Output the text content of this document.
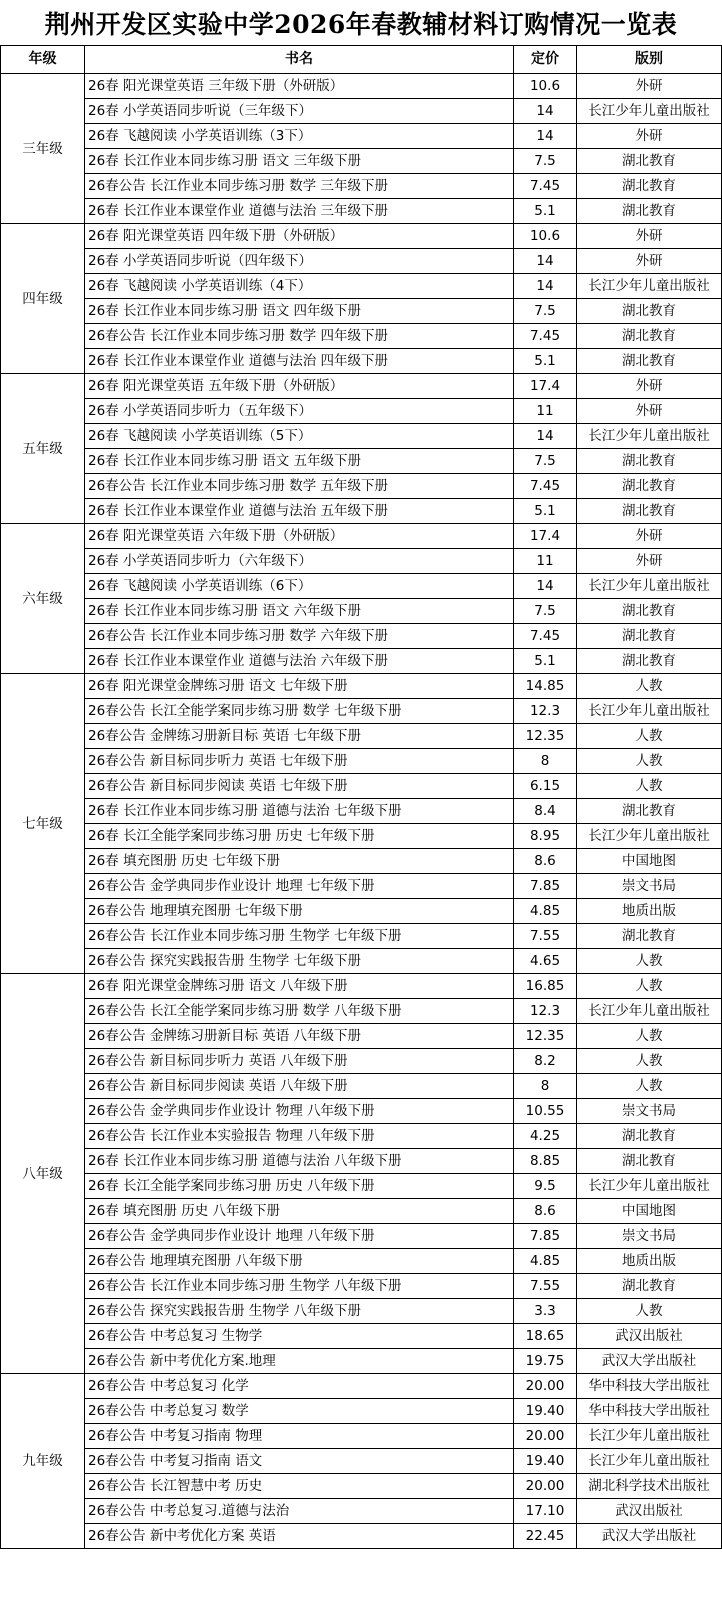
荆州开发区实验中学2026年春教辅材料订购情况一览表
年级	书名	定价	版别
三年级	26春 阳光课堂英语 三年级下册（外研版）	10.6	外研
	26春 小学英语同步听说（三年级下）	14	长江少年儿童出版社
	26春 飞越阅读 小学英语训练（3下）	14	外研
	26春 长江作业本同步练习册 语文 三年级下册	7.5	湖北教育
	26春公告 长江作业本同步练习册 数学 三年级下册	7.45	湖北教育
	26春 长江作业本课堂作业 道德与法治 三年级下册	5.1	湖北教育
四年级	26春 阳光课堂英语 四年级下册（外研版）	10.6	外研
	26春 小学英语同步听说（四年级下）	14	外研
	26春 飞越阅读 小学英语训练（4下）	14	长江少年儿童出版社
	26春 长江作业本同步练习册 语文 四年级下册	7.5	湖北教育
	26春公告 长江作业本同步练习册 数学 四年级下册	7.45	湖北教育
	26春 长江作业本课堂作业 道德与法治 四年级下册	5.1	湖北教育
五年级	26春 阳光课堂英语 五年级下册（外研版）	17.4	外研
	26春 小学英语同步听力（五年级下）	11	外研
	26春 飞越阅读 小学英语训练（5下）	14	长江少年儿童出版社
	26春 长江作业本同步练习册 语文 五年级下册	7.5	湖北教育
	26春公告 长江作业本同步练习册 数学 五年级下册	7.45	湖北教育
	26春 长江作业本课堂作业 道德与法治 五年级下册	5.1	湖北教育
六年级	26春 阳光课堂英语 六年级下册（外研版）	17.4	外研
	26春 小学英语同步听力（六年级下）	11	外研
	26春 飞越阅读 小学英语训练（6下）	14	长江少年儿童出版社
	26春 长江作业本同步练习册 语文 六年级下册	7.5	湖北教育
	26春公告 长江作业本同步练习册 数学 六年级下册	7.45	湖北教育
	26春 长江作业本课堂作业 道德与法治 六年级下册	5.1	湖北教育
七年级	26春 阳光课堂金牌练习册 语文 七年级下册	14.85	人教
	26春公告 长江全能学案同步练习册 数学 七年级下册	12.3	长江少年儿童出版社
	26春公告 金牌练习册新目标 英语 七年级下册	12.35	人教
	26春公告 新目标同步听力 英语 七年级下册	8	人教
	26春公告 新目标同步阅读 英语 七年级下册	6.15	人教
	26春 长江作业本同步练习册 道德与法治 七年级下册	8.4	湖北教育
	26春 长江全能学案同步练习册 历史 七年级下册	8.95	长江少年儿童出版社
	26春 填充图册 历史 七年级下册	8.6	中国地图
	26春公告 金学典同步作业设计 地理 七年级下册	7.85	崇文书局
	26春公告 地理填充图册 七年级下册	4.85	地质出版
	26春公告 长江作业本同步练习册 生物学 七年级下册	7.55	湖北教育
	26春公告 探究实践报告册 生物学 七年级下册	4.65	人教
八年级	26春 阳光课堂金牌练习册 语文 八年级下册	16.85	人教
	26春公告 长江全能学案同步练习册 数学 八年级下册	12.3	长江少年儿童出版社
	26春公告 金牌练习册新目标 英语 八年级下册	12.35	人教
	26春公告 新目标同步听力 英语 八年级下册	8.2	人教
	26春公告 新目标同步阅读 英语 八年级下册	8	人教
	26春公告 金学典同步作业设计 物理 八年级下册	10.55	崇文书局
	26春公告 长江作业本实验报告 物理 八年级下册	4.25	湖北教育
	26春 长江作业本同步练习册 道德与法治 八年级下册	8.85	湖北教育
	26春 长江全能学案同步练习册 历史 八年级下册	9.5	长江少年儿童出版社
	26春 填充图册 历史 八年级下册	8.6	中国地图
	26春公告 金学典同步作业设计 地理 八年级下册	7.85	崇文书局
	26春公告 地理填充图册 八年级下册	4.85	地质出版
	26春公告 长江作业本同步练习册 生物学 八年级下册	7.55	湖北教育
	26春公告 探究实践报告册 生物学 八年级下册	3.3	人教
	26春公告 中考总复习 生物学	18.65	武汉出版社
	26春公告 新中考优化方案.地理	19.75	武汉大学出版社
九年级	26春公告 中考总复习 化学	20.00	华中科技大学出版社
	26春公告 中考总复习 数学	19.40	华中科技大学出版社
	26春公告 中考复习指南 物理	20.00	长江少年儿童出版社
	26春公告 中考复习指南 语文	19.40	长江少年儿童出版社
	26春公告 长江智慧中考 历史	20.00	湖北科学技术出版社
	26春公告 中考总复习.道德与法治	17.10	武汉出版社
	26春公告 新中考优化方案 英语	22.45	武汉大学出版社
